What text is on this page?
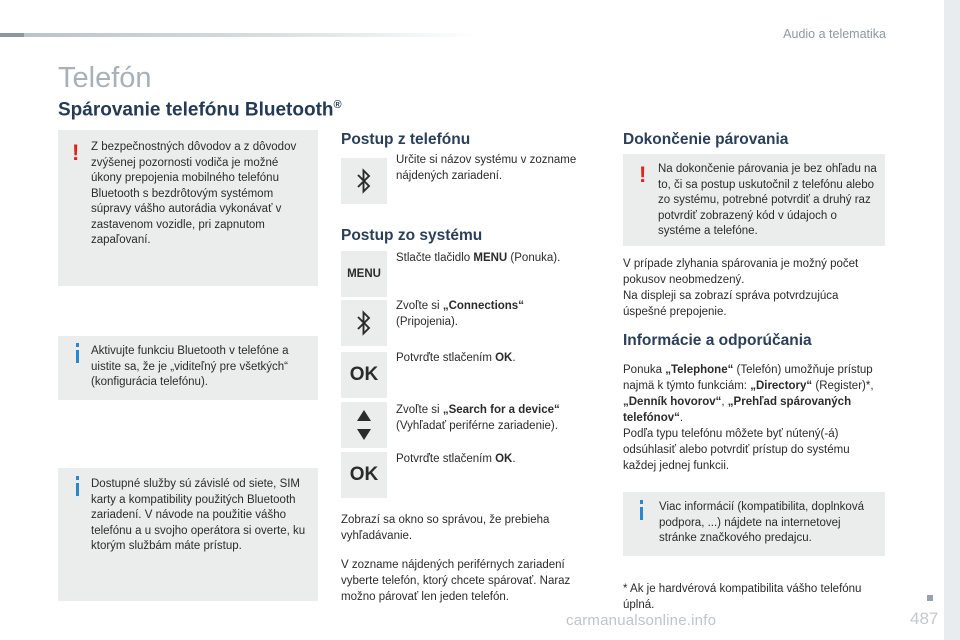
Audio a telematika
Telefón
Spárovanie telefónu Bluetooth®
! Z bezpečnostných dôvodov a z dôvodov zvýšenej pozornosti vodiča je možné úkony prepojenia mobilného telefónu Bluetooth s bezdrôtovým systémom súpravy vášho autorádia vykonávať v zastavenom vozidle, pri zapnutom zapaľovaní.
Aktivujte funkciu Bluetooth v telefóne a uistite sa, že je „viditeľný pre všetkých“ (konfigurácia telefónu).
Dostupné služby sú závislé od siete, SIM karty a kompatibility použitých Bluetooth zariadení. V návode na použitie vášho telefónu a u svojho operátora si overte, ku ktorým službám máte prístup.
Postup z telefónu
Určite si názov systému v zozname nájdených zariadení.
Postup zo systému
MENU
Stlačte tlačidlo MENU (Ponuka).
Zvoľte si „Connections“
(Pripojenia).
OK
Potvrďte stlačením OK.
Zvoľte si „Search for a device“
(Vyhľadať periférne zariadenie).
OK
Potvrďte stlačením OK.
Zobrazí sa okno so správou, že prebieha vyhľadávanie.
V zozname nájdených periférnych zariadení vyberte telefón, ktorý chcete spárovať. Naraz možno párovať len jeden telefón.
Dokončenie párovania
! Na dokončenie párovania je bez ohľadu na to, či sa postup uskutočnil z telefónu alebo zo systému, potrebné potvrdiť a druhý raz potvrdiť zobrazený kód v údajoch o systéme a telefóne.
V prípade zlyhania spárovania je možný počet pokusov neobmedzený.
Na displeji sa zobrazí správa potvrdzujúca úspešné prepojenie.
Informácie a odporúčania
Ponuka „Telephone“ (Telefón) umožňuje prístup najmä k týmto funkciám: „Directory“ (Register)*, „Denník hovorov“, „Prehľad spárovaných telefónov“.
Podľa typu telefónu môžete byť nútený(-á) odsúhlasiť alebo potvrdiť prístup do systému každej jednej funkcii.
Viac informácií (kompatibilita, doplnková podpora, ...) nájdete na internetovej stránke značkového predajcu.
* Ak je hardvérová kompatibilita vášho telefónu úplná.
487
carmanualsonline.info
